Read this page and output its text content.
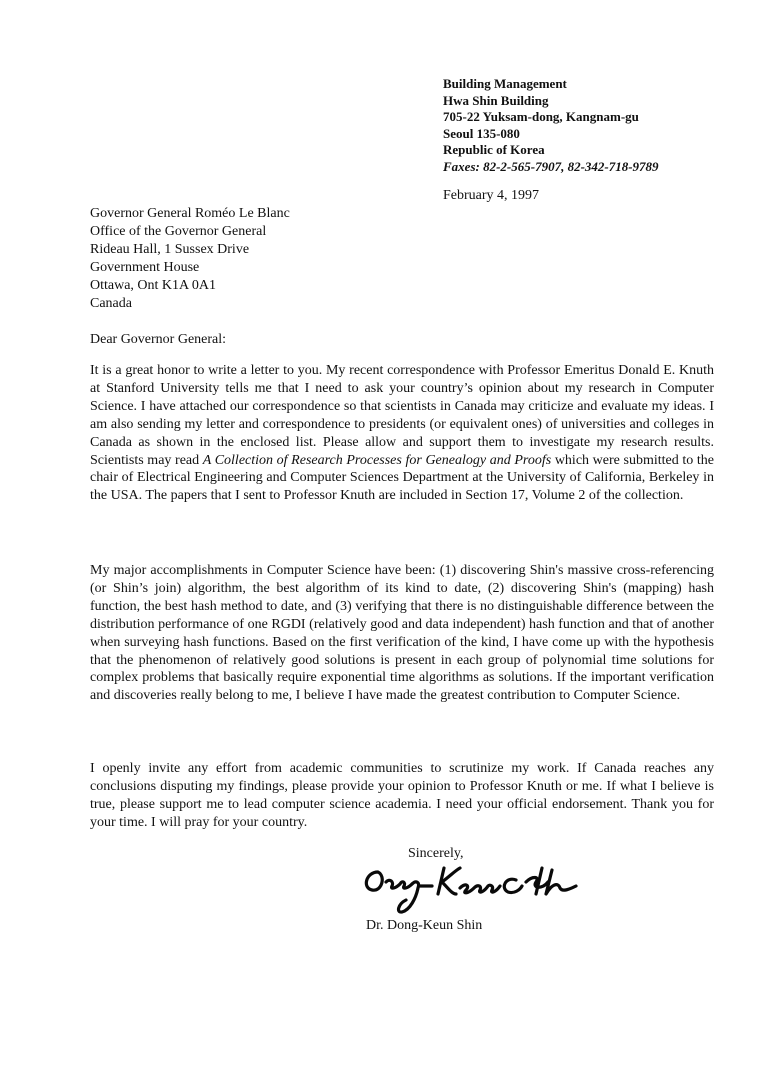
Building Management
Hwa Shin Building
705-22 Yuksam-dong, Kangnam-gu
Seoul 135-080
Republic of Korea
Faxes: 82-2-565-7907, 82-342-718-9789
February 4, 1997
Governor General Roméo Le Blanc
Office of the Governor General
Rideau Hall, 1 Sussex Drive
Government House
Ottawa, Ont K1A 0A1
Canada
Dear Governor General:

It is a great honor to write a letter to you. My recent correspondence with Professor Emeritus Donald E. Knuth at Stanford University tells me that I need to ask your country’s opinion about my research in Computer Science. I have attached our correspondence so that scientists in Canada may criticize and evaluate my ideas. I am also sending my letter and correspondence to presidents (or equivalent ones) of universities and colleges in Canada as shown in the enclosed list. Please allow and support them to investigate my research results. Scientists may read A Collection of Research Processes for Genealogy and Proofs which were submitted to the chair of Electrical Engineering and Computer Sciences Department at the University of California, Berkeley in the USA. The papers that I sent to Professor Knuth are included in Section 17, Volume 2 of the collection.

My major accomplishments in Computer Science have been: (1) discovering Shin's massive cross-referencing (or Shin’s join) algorithm, the best algorithm of its kind to date, (2) discovering Shin's (mapping) hash function, the best hash method to date, and (3) verifying that there is no distinguishable difference between the distribution performance of one RGDI (relatively good and data independent) hash function and that of another when surveying hash functions. Based on the first verification of the kind, I have come up with the hypothesis that the phenomenon of relatively good solutions is present in each group of polynomial time solutions for complex problems that basically require exponential time algorithms as solutions. If the important verification and discoveries really belong to me, I believe I have made the greatest contribution to Computer Science.

I openly invite any effort from academic communities to scrutinize my work. If Canada reaches any conclusions disputing my findings, please provide your opinion to Professor Knuth or me. If what I believe is true, please support me to lead computer science academia. I need your official endorsement. Thank you for your time. I will pray for your country.

Sincerely,
Dr. Dong-Keun Shin
